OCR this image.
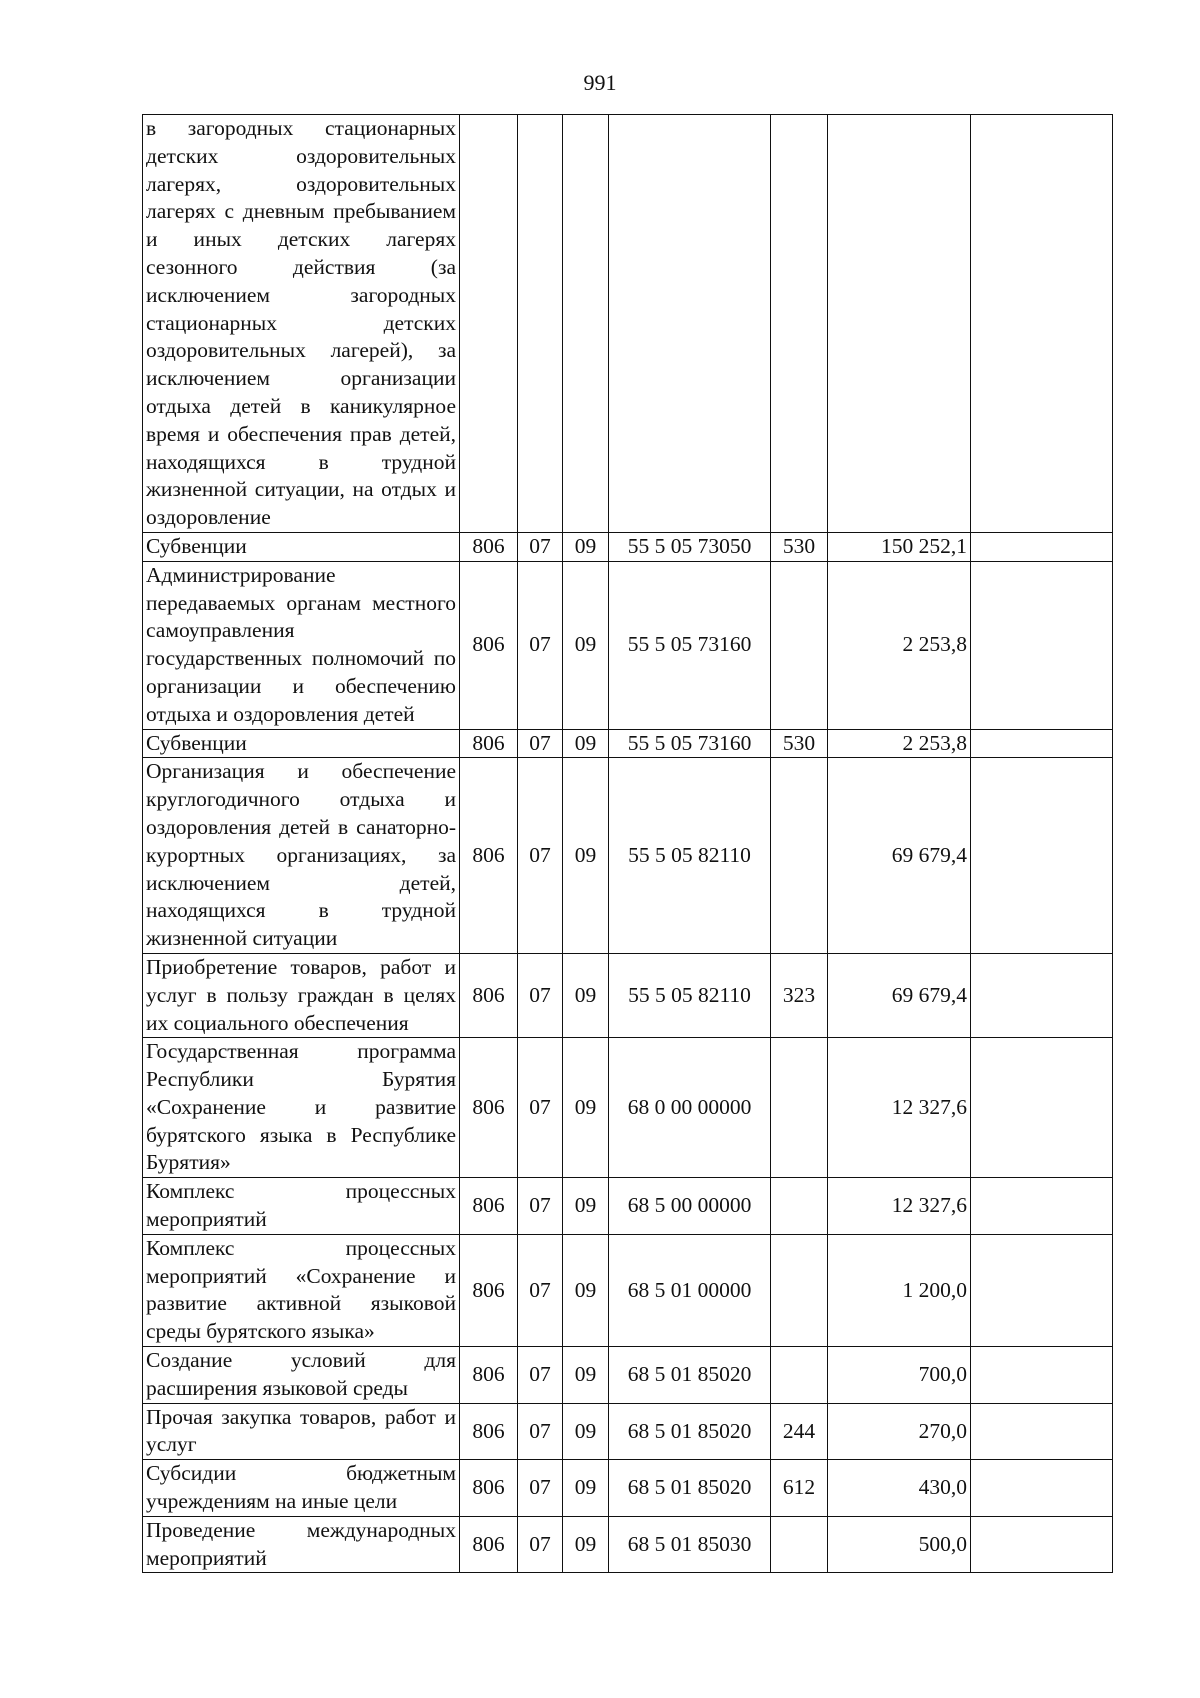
991
в загородных стационарных детских оздоровительных лагерях, оздоровительных лагерях с дневным пребыванием и иных детских лагерях сезонного действия (за исключением загородных стационарных детских оздоровительных лагерей), за исключением организации отдыха детей в каникулярное время и обеспечения прав детей, находящихся в трудной жизненной ситуации, на отдых и оздоровление							
Субвенции	806	07	09	55 5 05 73050	530	150 252,1	
Администрирование передаваемых органам местного самоуправления государственных полномочий по организации и обеспечению отдыха и оздоровления детей	806	07	09	55 5 05 73160		2 253,8	
Субвенции	806	07	09	55 5 05 73160	530	2 253,8	
Организация и обеспечение круглогодичного отдыха и оздоровления детей в санаторно-курортных организациях, за исключением детей, находящихся в трудной жизненной ситуации	806	07	09	55 5 05 82110		69 679,4	
Приобретение товаров, работ и услуг в пользу граждан в целях их социального обеспечения	806	07	09	55 5 05 82110	323	69 679,4	
Государственная программа Республики Бурятия «Сохранение и развитие бурятского языка в Республике Бурятия»	806	07	09	68 0 00 00000		12 327,6	
Комплекс процессных мероприятий	806	07	09	68 5 00 00000		12 327,6	
Комплекс процессных мероприятий «Сохранение и развитие активной языковой среды бурятского языка»	806	07	09	68 5 01 00000		1 200,0	
Создание условий для расширения языковой среды	806	07	09	68 5 01 85020		700,0	
Прочая закупка товаров, работ и услуг	806	07	09	68 5 01 85020	244	270,0	
Субсидии бюджетным учреждениям на иные цели	806	07	09	68 5 01 85020	612	430,0	
Проведение международных мероприятий	806	07	09	68 5 01 85030		500,0	
